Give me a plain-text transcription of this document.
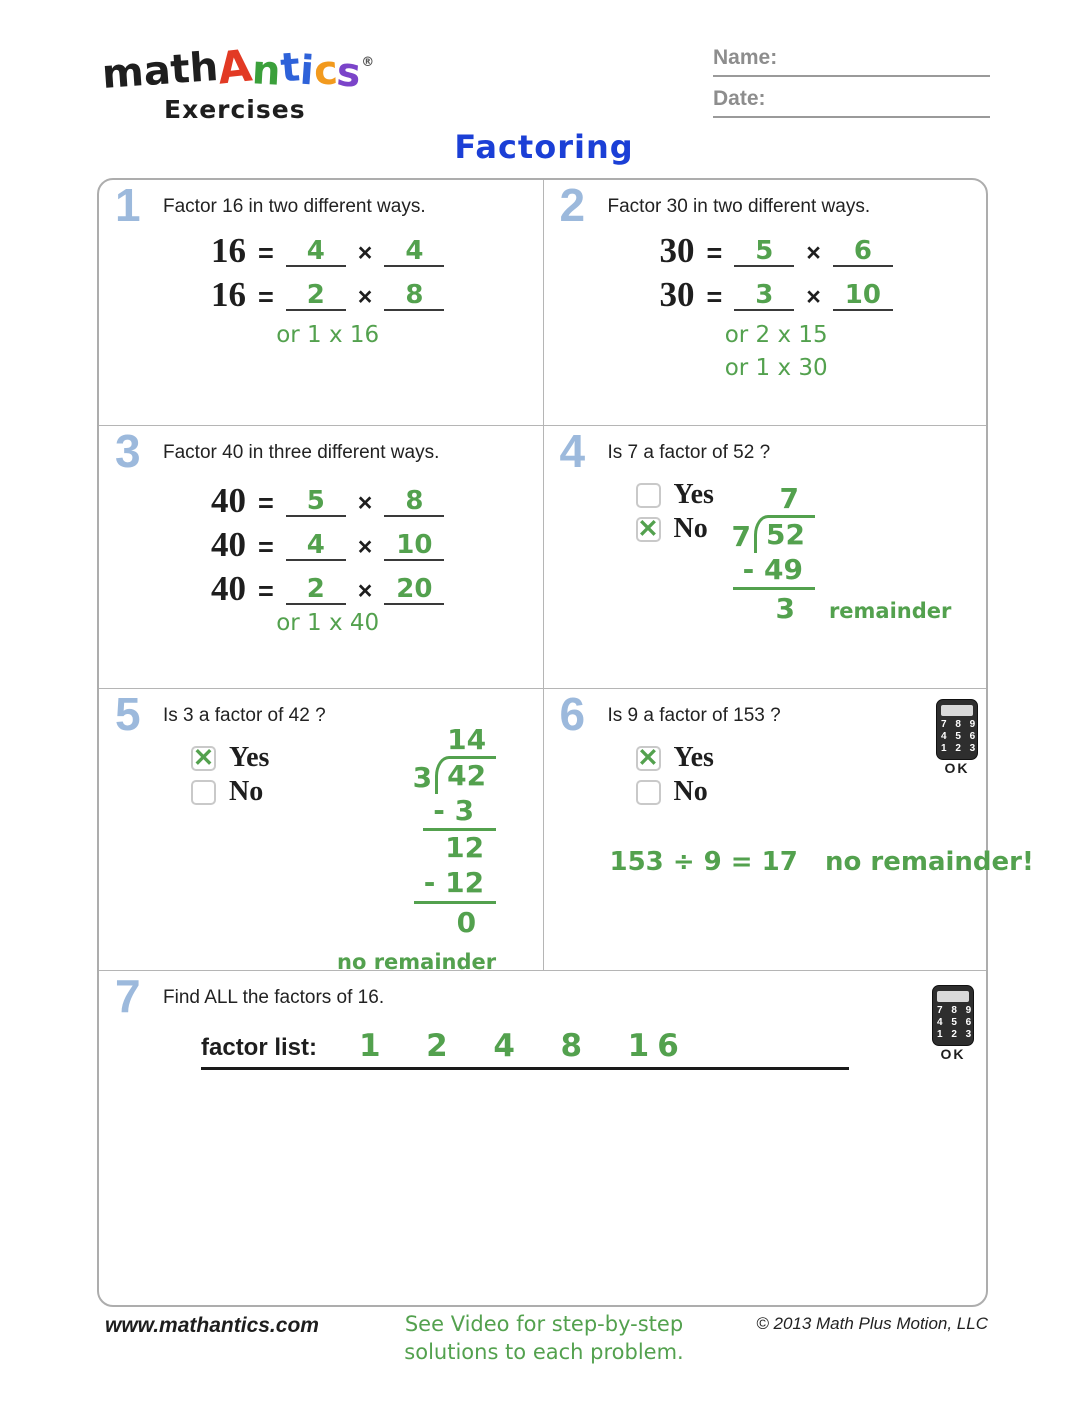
mathAntics®
Exercises
Name:
Date:
Factoring
1 Factor 16 in two different ways.
16 =	4	×	4
16 =	2	×	8
or 1 x 16
2 Factor 30 in two different ways.
30 =	5	×	6
30 =	3	× 10
or 2 x 15
or 1 x 30
3 Factor 40 in three different ways.
40 =	5	×	8
40 =	4	× 10
40 =	2	× 20
or 1 x 40
4 Is 7 a factor of 52 ?
Yes
✕ No
7
7 52
- 49
3 remainder
5 Is 3 a factor of 42 ?
✕ Yes
No
14
3 42
- 3
12
- 12
0
no remainder
6 Is 9 a factor of 153 ?	7 8 9
4 5 6
1 2 3
OK
✕ Yes
No
153 ÷ 9 = 17   no remainder!
7 Find ALL the factors of 16.
7 8 9
4 5 6
1 2 3
OK
factor list: 1  2  4  8  16
www.mathantics.com	See Video for step-by-step
solutions to each problem.
© 2013 Math Plus Motion, LLC
